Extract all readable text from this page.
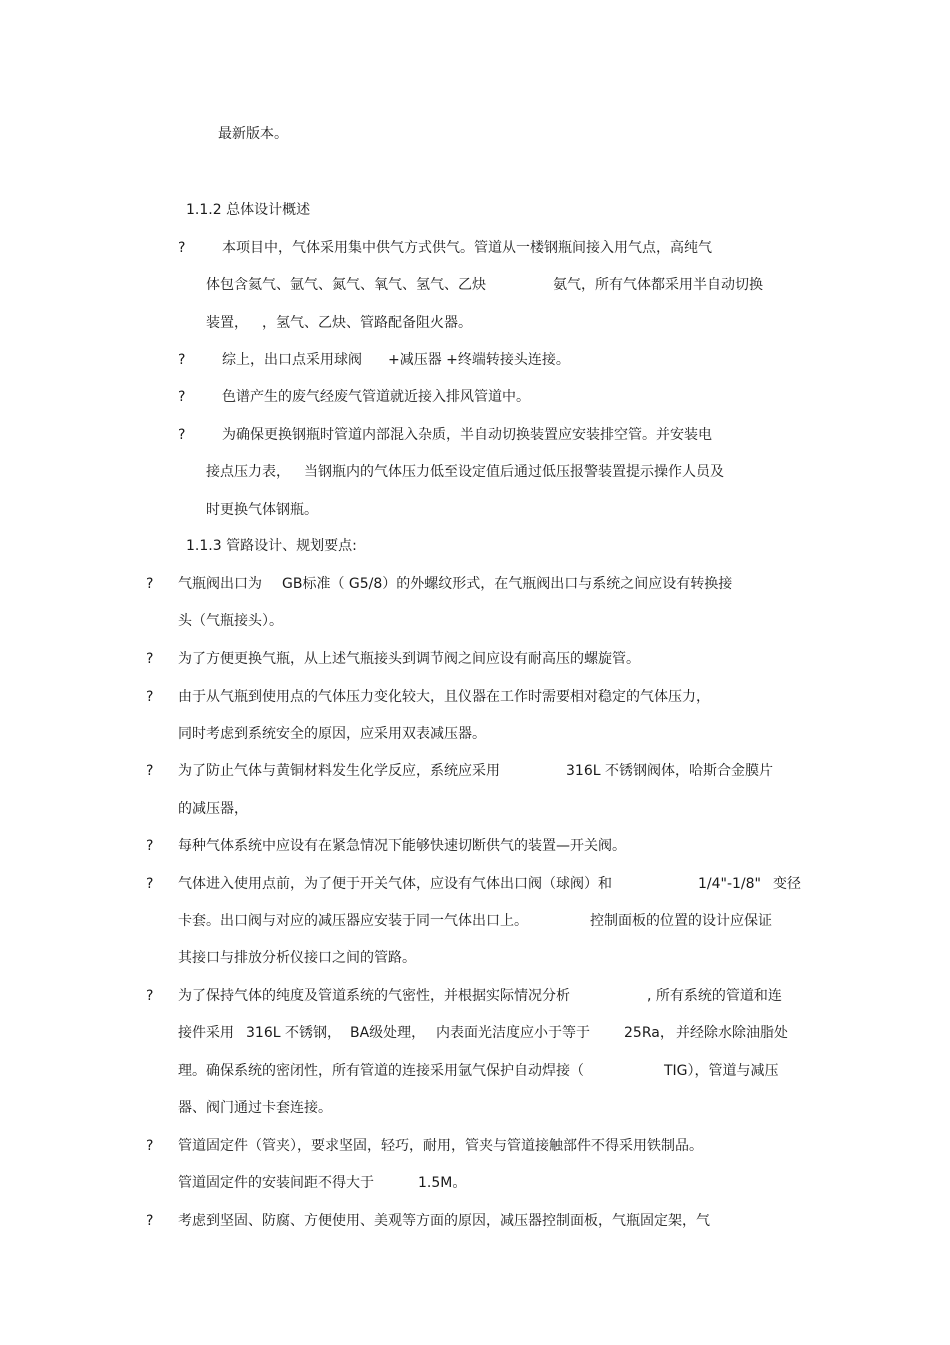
最新版本。
1.1.2 总体设计概述
?	本项目中，气体采用集中供气方式供气。管道从一楼钢瓶间接入用气点，高纯气
体包含氦气、氩气、氮气、氧气、氢气、乙炔	氨气，所有气体都采用半自动切换
装置， ，氢气、乙炔、管路配备阻火器。
?	综上，出口点采用球阀 +减压器 +终端转接头连接。
?	色谱产生的废气经废气管道就近接入排风管道中。
?	为确保更换钢瓶时管道内部混入杂质，半自动切换装置应安装排空管。并安装电
接点压力表， 当钢瓶内的气体压力低至设定值后通过低压报警装置提示操作人员及
时更换气体钢瓶。
1.1.3 管路设计、规划要点:
? 气瓶阀出口为 GB标准（ G5/8）的外螺纹形式，在气瓶阀出口与系统之间应设有转换接
头（气瓶接头）。
? 为了方便更换气瓶，从上述气瓶接头到调节阀之间应设有耐高压的螺旋管。
? 由于从气瓶到使用点的气体压力变化较大，且仪器在工作时需要相对稳定的气体压力，
同时考虑到系统安全的原因，应采用双表减压器。
? 为了防止气体与黄铜材料发生化学反应，系统应采用	316L 不锈钢阀体，哈斯合金膜片
的减压器，
? 每种气体系统中应设有在紧急情况下能够快速切断供气的装置—开关阀。
? 气体进入使用点前，为了便于开关气体，应设有气体出口阀（球阀）和	1/4"-1/8" 变径
卡套。出口阀与对应的减压器应安装于同一气体出口上。	控制面板的位置的设计应保证
其接口与排放分析仪接口之间的管路。
? 为了保持气体的纯度及管道系统的气密性，并根据实际情况分析	, 所有系统的管道和连
接件采用 316L 不锈钢， BA级处理， 内表面光洁度应小于等于 25Ra， 并经除水除油脂处
理。确保系统的密闭性，所有管道的连接采用氩气保护自动焊接（	TIG），管道与减压
器、阀门通过卡套连接。
? 管道固定件（管夹），要求坚固，轻巧，耐用，管夹与管道接触部件不得采用铁制品。
管道固定件的安装间距不得大于	1.5M。
? 考虑到坚固、防腐、方便使用、美观等方面的原因，减压器控制面板，气瓶固定架，气
